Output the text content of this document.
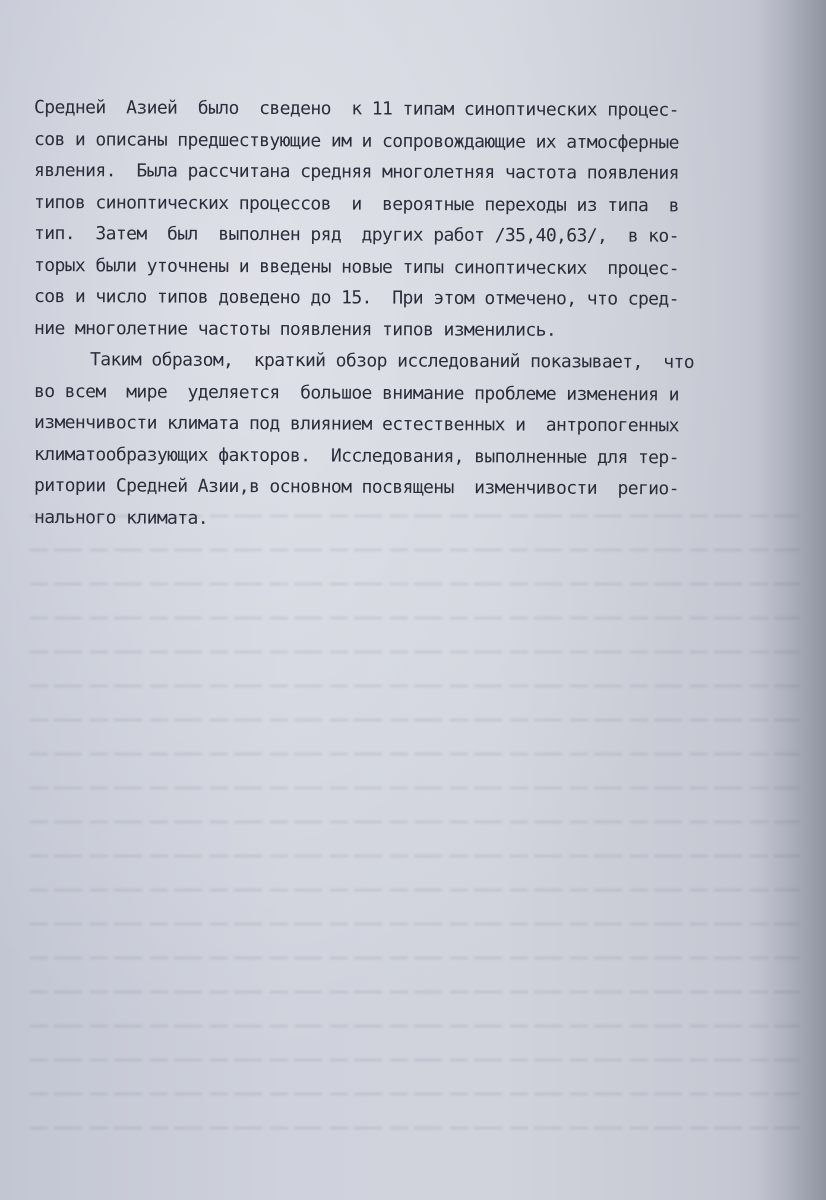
Средней  Азией  было  сведено  к 11 типам синоптических процес-
сов и описаны предшествующие им и сопровождающие их атмосферные
явления.  Была рассчитана средняя многолетняя частота появления
типов синоптических процессов  и  вероятные переходы из типа  в
тип.  Затем  был  выполнен ряд  других работ /35,40,63/,  в ко-
торых были уточнены и введены новые типы синоптических  процес-
сов и число типов доведено до 15.  При этом отмечено, что сред-
ние многолетние частоты появления типов изменились.
Таким образом,  краткий обзор исследований показывает,  что
во всем  мире  уделяется  большое внимание проблеме изменения и
изменчивости климата под влиянием естественных и  антропогенных
климатообразующих факторов.  Исследования, выполненные для тер-
ритории Средней Азии,в основном посвящены  изменчивости  регио-
нального климата.
